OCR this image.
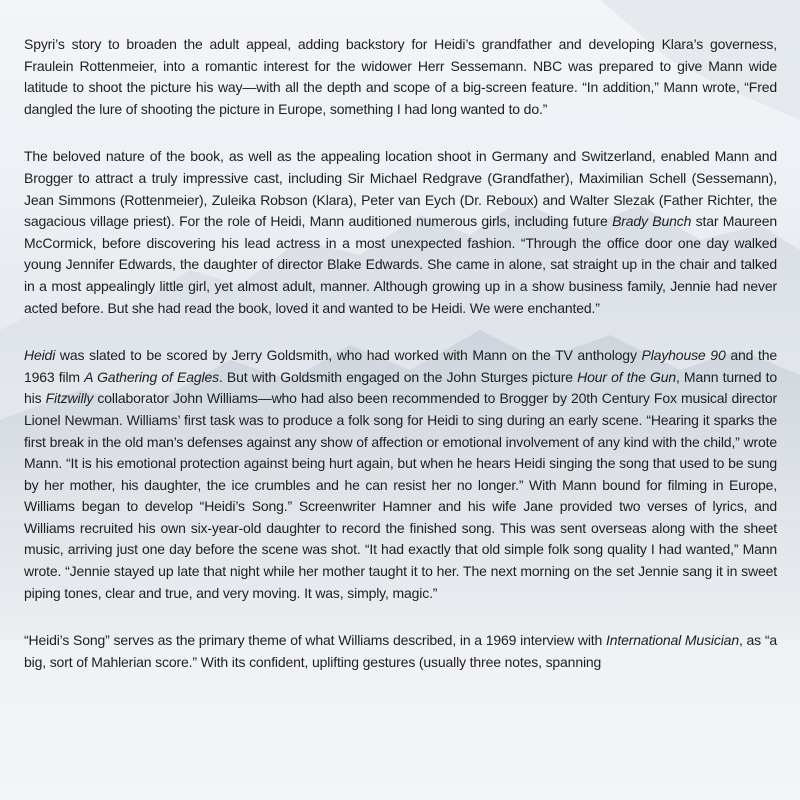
Spyri’s story to broaden the adult appeal, adding backstory for Heidi’s grandfather and developing Klara’s governess, Fraulein Rottenmeier, into a romantic interest for the widower Herr Sessemann. NBC was prepared to give Mann wide latitude to shoot the picture his way—with all the depth and scope of a big-screen feature. “In addition,” Mann wrote, “Fred dangled the lure of shooting the picture in Europe, something I had long wanted to do.”

The beloved nature of the book, as well as the appealing location shoot in Germany and Switzerland, enabled Mann and Brogger to attract a truly impressive cast, including Sir Michael Redgrave (Grandfather), Maximilian Schell (Sessemann), Jean Simmons (Rottenmeier), Zuleika Robson (Klara), Peter van Eych (Dr. Reboux) and Walter Slezak (Father Richter, the sagacious village priest). For the role of Heidi, Mann auditioned numerous girls, including future Brady Bunch star Maureen McCormick, before discovering his lead actress in a most unexpected fashion. “Through the office door one day walked young Jennifer Edwards, the daughter of director Blake Edwards. She came in alone, sat straight up in the chair and talked in a most appealingly little girl, yet almost adult, manner. Although growing up in a show business family, Jennie had never acted before. But she had read the book, loved it and wanted to be Heidi. We were enchanted.”

Heidi was slated to be scored by Jerry Goldsmith, who had worked with Mann on the TV anthology Playhouse 90 and the 1963 film A Gathering of Eagles. But with Goldsmith engaged on the John Sturges picture Hour of the Gun, Mann turned to his Fitzwilly collaborator John Williams—who had also been recommended to Brogger by 20th Century Fox musical director Lionel Newman. Williams’ first task was to produce a folk song for Heidi to sing during an early scene. “Hearing it sparks the first break in the old man’s defenses against any show of affection or emotional involvement of any kind with the child,” wrote Mann. “It is his emotional protection against being hurt again, but when he hears Heidi singing the song that used to be sung by her mother, his daughter, the ice crumbles and he can resist her no longer.” With Mann bound for filming in Europe, Williams began to develop “Heidi’s Song.” Screenwriter Hamner and his wife Jane provided two verses of lyrics, and Williams recruited his own six-year-old daughter to record the finished song. This was sent overseas along with the sheet music, arriving just one day before the scene was shot. “It had exactly that old simple folk song quality I had wanted,” Mann wrote. “Jennie stayed up late that night while her mother taught it to her. The next morning on the set Jennie sang it in sweet piping tones, clear and true, and very moving. It was, simply, magic.”

“Heidi’s Song” serves as the primary theme of what Williams described, in a 1969 interview with International Musician, as “a big, sort of Mahlerian score.” With its confident, uplifting gestures (usually three notes, spanning
